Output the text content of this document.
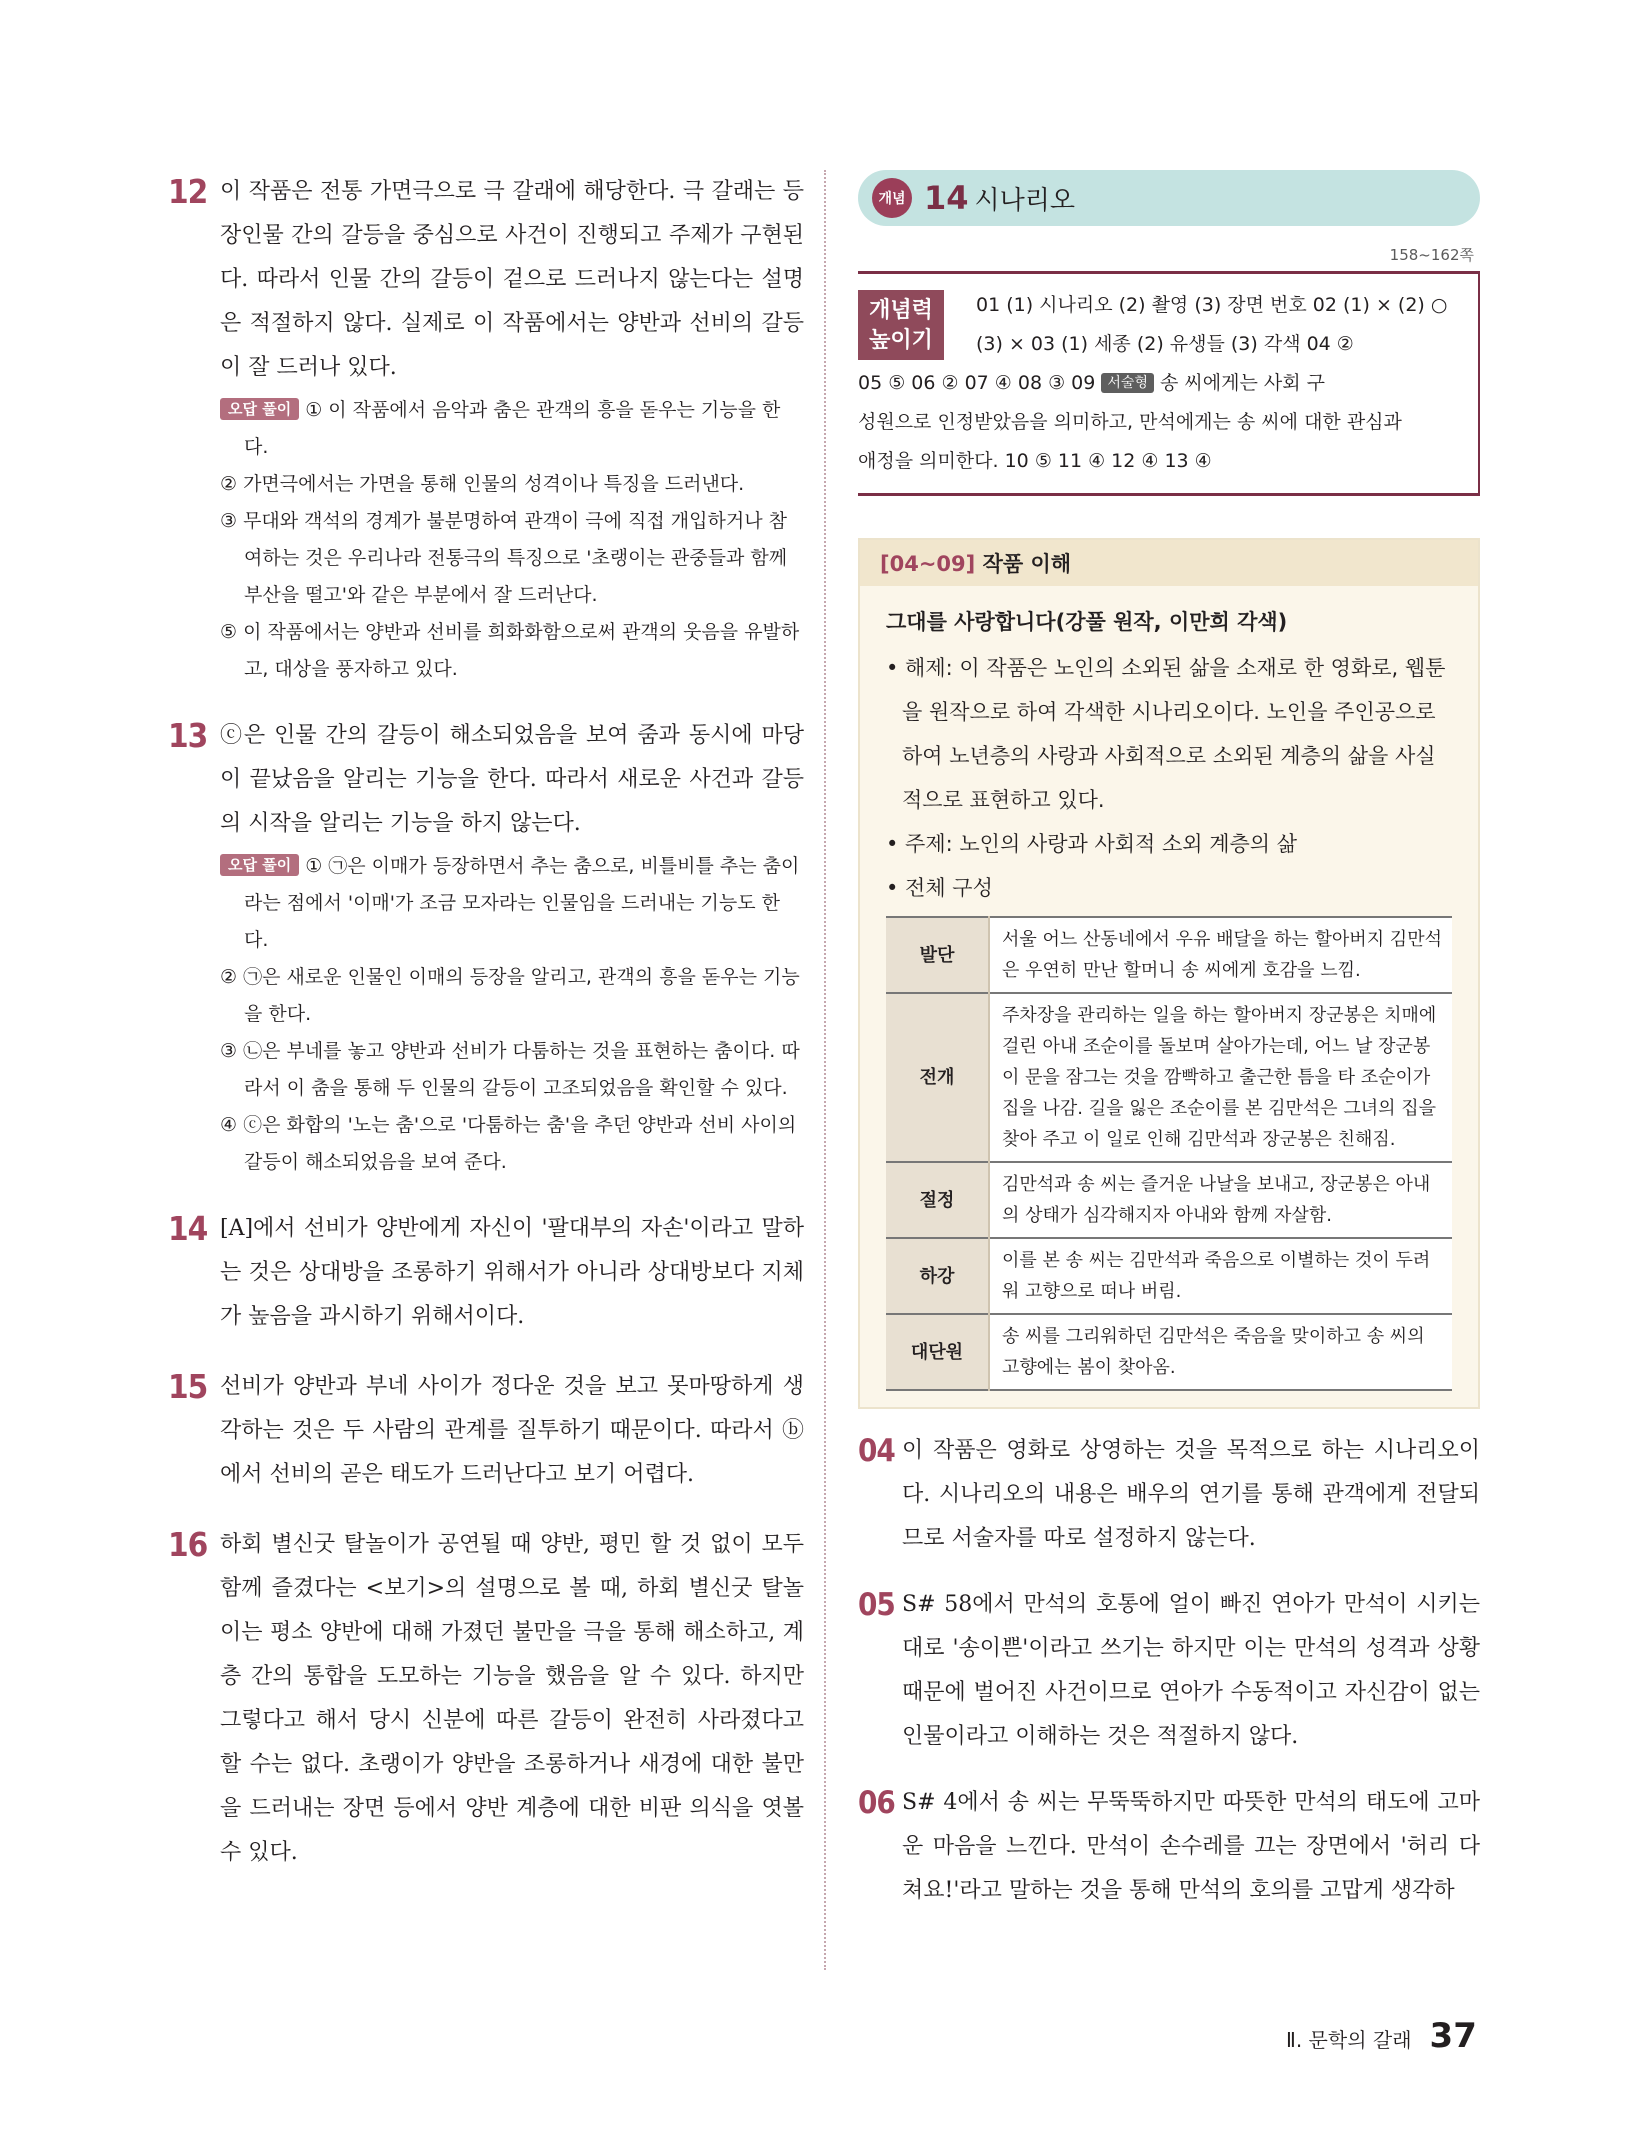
12 이 작품은 전통 가면극으로 극 갈래에 해당한다. 극 갈래는 등장인물 간의 갈등을 중심으로 사건이 진행되고 주제가 구현된다. 따라서 인물 간의 갈등이 겉으로 드러나지 않는다는 설명은 적절하지 않다. 실제로 이 작품에서는 양반과 선비의 갈등이 잘 드러나 있다.

오답 풀이 ① 이 작품에서 음악과 춤은 관객의 흥을 돋우는 기능을 한다.

② 가면극에서는 가면을 통해 인물의 성격이나 특징을 드러낸다.

③ 무대와 객석의 경계가 불분명하여 관객이 극에 직접 개입하거나 참여하는 것은 우리나라 전통극의 특징으로 '초랭이는 관중들과 함께 부산을 떨고'와 같은 부분에서 잘 드러난다.

⑤ 이 작품에서는 양반과 선비를 희화화함으로써 관객의 웃음을 유발하고, 대상을 풍자하고 있다.

13 ⓒ은 인물 간의 갈등이 해소되었음을 보여 줌과 동시에 마당이 끝났음을 알리는 기능을 한다. 따라서 새로운 사건과 갈등의 시작을 알리는 기능을 하지 않는다.

오답 풀이 ① ㉠은 이매가 등장하면서 추는 춤으로, 비틀비틀 추는 춤이라는 점에서 '이매'가 조금 모자라는 인물임을 드러내는 기능도 한다.

② ㉠은 새로운 인물인 이매의 등장을 알리고, 관객의 흥을 돋우는 기능을 한다.

③ ㉡은 부네를 놓고 양반과 선비가 다툼하는 것을 표현하는 춤이다. 따라서 이 춤을 통해 두 인물의 갈등이 고조되었음을 확인할 수 있다.

④ ⓒ은 화합의 '노는 춤'으로 '다툼하는 춤'을 추던 양반과 선비 사이의 갈등이 해소되었음을 보여 준다.

14 [A]에서 선비가 양반에게 자신이 '팔대부의 자손'이라고 말하는 것은 상대방을 조롱하기 위해서가 아니라 상대방보다 지체가 높음을 과시하기 위해서이다.
15 선비가 양반과 부네 사이가 정다운 것을 보고 못마땅하게 생각하는 것은 두 사람의 관계를 질투하기 때문이다. 따라서 ⓑ에서 선비의 곧은 태도가 드러난다고 보기 어렵다.
16 하회 별신굿 탈놀이가 공연될 때 양반, 평민 할 것 없이 모두 함께 즐겼다는 <보기>의 설명으로 볼 때, 하회 별신굿 탈놀이는 평소 양반에 대해 가졌던 불만을 극을 통해 해소하고, 계층 간의 통합을 도모하는 기능을 했음을 알 수 있다. 하지만 그렇다고 해서 당시 신분에 따른 갈등이 완전히 사라졌다고 할 수는 없다. 초랭이가 양반을 조롱하거나 새경에 대한 불만을 드러내는 장면 등에서 양반 계층에 대한 비판 의식을 엿볼 수 있다.
개념 14 시나리오
158~162쪽
개념력
높이기

01 (1) 시나리오 (2) 촬영 (3) 장면 번호 02 (1) × (2) ○

(3) × 03 (1) 세종 (2) 유생들 (3) 각색 04 ②

05 ⑤ 06 ② 07 ④ 08 ③ 09 서술형 송 씨에게는 사회 구

성원으로 인정받았음을 의미하고, 만석에게는 송 씨에 대한 관심과

애정을 의미한다. 10 ⑤ 11 ④ 12 ④ 13 ④

[04~09] 작품 이해
그대를 사랑합니다(강풀 원작, 이만희 각색)

• 해제: 이 작품은 노인의 소외된 삶을 소재로 한 영화로, 웹툰을 원작으로 하여 각색한 시나리오이다. 노인을 주인공으로 하여 노년층의 사랑과 사회적으로 소외된 계층의 삶을 사실적으로 표현하고 있다.

• 주제: 노인의 사랑과 사회적 소외 계층의 삶

• 전체 구성

발단	서울 어느 산동네에서 우유 배달을 하는 할아버지 김만석은 우연히 만난 할머니 송 씨에게 호감을 느낌.
전개	주차장을 관리하는 일을 하는 할아버지 장군봉은 치매에 걸린 아내 조순이를 돌보며 살아가는데, 어느 날 장군봉이 문을 잠그는 것을 깜빡하고 출근한 틈을 타 조순이가 집을 나감. 길을 잃은 조순이를 본 김만석은 그녀의 집을 찾아 주고 이 일로 인해 김만석과 장군봉은 친해짐.
절정	김만석과 송 씨는 즐거운 나날을 보내고, 장군봉은 아내의 상태가 심각해지자 아내와 함께 자살함.
하강	이를 본 송 씨는 김만석과 죽음으로 이별하는 것이 두려워 고향으로 떠나 버림.
대단원	송 씨를 그리워하던 김만석은 죽음을 맞이하고 송 씨의 고향에는 봄이 찾아옴.
04 이 작품은 영화로 상영하는 것을 목적으로 하는 시나리오이다. 시나리오의 내용은 배우의 연기를 통해 관객에게 전달되므로 서술자를 따로 설정하지 않는다.
05 S# 58에서 만석의 호통에 얼이 빠진 연아가 만석이 시키는 대로 '송이쁜'이라고 쓰기는 하지만 이는 만석의 성격과 상황 때문에 벌어진 사건이므로 연아가 수동적이고 자신감이 없는 인물이라고 이해하는 것은 적절하지 않다.
06 S# 4에서 송 씨는 무뚝뚝하지만 따뜻한 만석의 태도에 고마운 마음을 느낀다. 만석이 손수레를 끄는 장면에서 '허리 다쳐요!'라고 말하는 것을 통해 만석의 호의를 고맙게 생각하
Ⅱ. 문학의 갈래 37
